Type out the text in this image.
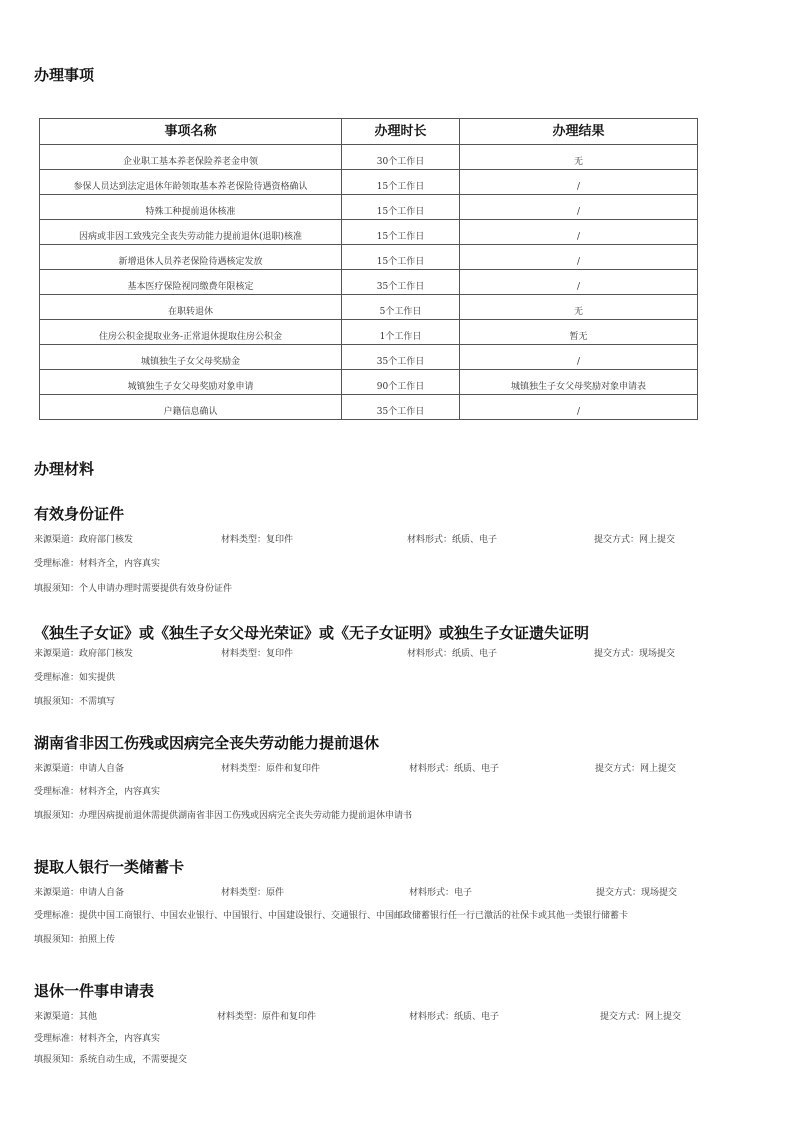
办理事项
事项名称	办理时长	办理结果
企业职工基本养老保险养老金申领	30个工作日	无
参保人员达到法定退休年龄领取基本养老保险待遇资格确认	15个工作日	/
特殊工种提前退休核准	15个工作日	/
因病或非因工致残完全丧失劳动能力提前退休(退职)核准	15个工作日	/
新增退休人员养老保险待遇核定发放	15个工作日	/
基本医疗保险视同缴费年限核定	35个工作日	/
在职转退休	5个工作日	无
住房公积金提取业务-正常退休提取住房公积金	1个工作日	暂无
城镇独生子女父母奖励金	35个工作日	/
城镇独生子女父母奖励对象申请	90个工作日	城镇独生子女父母奖励对象申请表
户籍信息确认	35个工作日	/
办理材料
有效身份证件
来源渠道 ： 政府部门核发	材料类型 ： 复印件	材料形式 ： 纸质、电子	提交方式 ： 网上提交
受理标准 ： 材料齐全，内容真实
填报须知 ： 个人申请办理时需要提供有效身份证件
《独生子女证》或《独生子女父母光荣证》或《无子女证明》或独生子女证遗失证明
来源渠道 ： 政府部门核发	材料类型 ： 复印件	材料形式 ： 纸质、电子	提交方式 ： 现场提交
受理标准 ： 如实提供
填报须知 ： 不需填写
湖南省非因工伤残或因病完全丧失劳动能力提前退休
来源渠道 ： 申请人自备	材料类型 ： 原件和复印件	材料形式 ： 纸质、电子	提交方式 ： 网上提交
受理标准 ： 材料齐全，内容真实
填报须知 ： 办理因病提前退休需提供湖南省非因工伤残或因病完全丧失劳动能力提前退休申请书
提取人银行一类储蓄卡
来源渠道 ： 申请人自备	材料类型 ： 原件	材料形式 ： 电子	提交方式 ： 现场提交
受理标准 ： 提供中国工商银行、中国农业银行、中国银行、中国建设银行、交通银行、中国邮政储蓄银行任一行已激活的社保卡或其他一类银行储蓄卡
填报须知 ： 拍照上传
退休一件事申请表
来源渠道 ： 其他	材料类型 ： 原件和复印件	材料形式 ： 纸质、电子	提交方式 ： 网上提交
受理标准 ： 材料齐全，内容真实
填报须知 ： 系统自动生成，不需要提交
